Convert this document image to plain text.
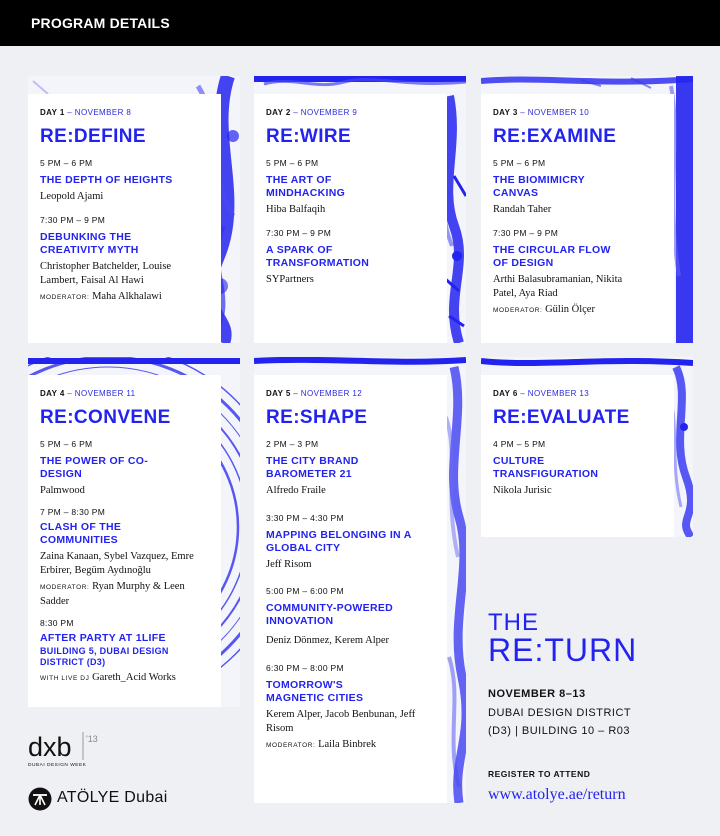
PROGRAM DETAILS
DAY 1 – NOVEMBER 8
RE:DEFINE
5 PM – 6 PM
THE DEPTH OF HEIGHTS
Leopold Ajami
7:30 PM – 9 PM
DEBUNKING THE CREATIVITY MYTH
Christopher Batchelder, Louise Lambert, Faisal Al Hawi
MODERATOR: Maha Alkhalawi
DAY 2 – NOVEMBER 9
RE:WIRE
5 PM – 6 PM
THE ART OF MINDHACKING
Hiba Balfaqih
7:30 PM – 9 PM
A SPARK OF TRANSFORMATION
SYPartners
DAY 3 – NOVEMBER 10
RE:EXAMINE
5 PM – 6 PM
THE BIOMIMICRY CANVAS
Randah Taher
7:30 PM – 9 PM
THE CIRCULAR FLOW OF DESIGN
Arthi Balasubramanian, Nikita Patel, Aya Riad
MODERATOR: Gülin Ölçer
DAY 4 – NOVEMBER 11
RE:CONVENE
5 PM – 6 PM
THE POWER OF CO-DESIGN
Palmwood
7 PM – 8:30 PM
CLASH OF THE COMMUNITIES
Zaina Kanaan, Sybel Vazquez, Emre Erbirer, Begüm Aydınoğlu
MODERATOR: Ryan Murphy & Leen Sadder
8:30 PM
AFTER PARTY AT 1LIFE
BUILDING 5, DUBAI DESIGN DISTRICT (D3)
WITH LIVE DJ Gareth_Acid Works
DAY 5 – NOVEMBER 12
RE:SHAPE
2 PM – 3 PM
THE CITY BRAND BAROMETER 21
Alfredo Fraile
3:30 PM – 4:30 PM
MAPPING BELONGING IN A GLOBAL CITY
Jeff Risom
5:00 PM – 6:00 PM
COMMUNITY-POWERED INNOVATION
Deniz Dönmez, Kerem Alper
6:30 PM – 8:00 PM
TOMORROW'S MAGNETIC CITIES
Kerem Alper, Jacob Benbunan, Jeff Risom
MODERATOR: Laila Binbrek
DAY 6 – NOVEMBER 13
RE:EVALUATE
4 PM – 5 PM
CULTURE TRANSFIGURATION
Nikola Jurisic
THE
RE:TURN
NOVEMBER 8–13
DUBAI DESIGN DISTRICT
(D3) | BUILDING 10 – R03
REGISTER TO ATTEND
www.atolye.ae/return
dxb '13
DUBAI DESIGN WEEK
ATÖLYE Dubai
